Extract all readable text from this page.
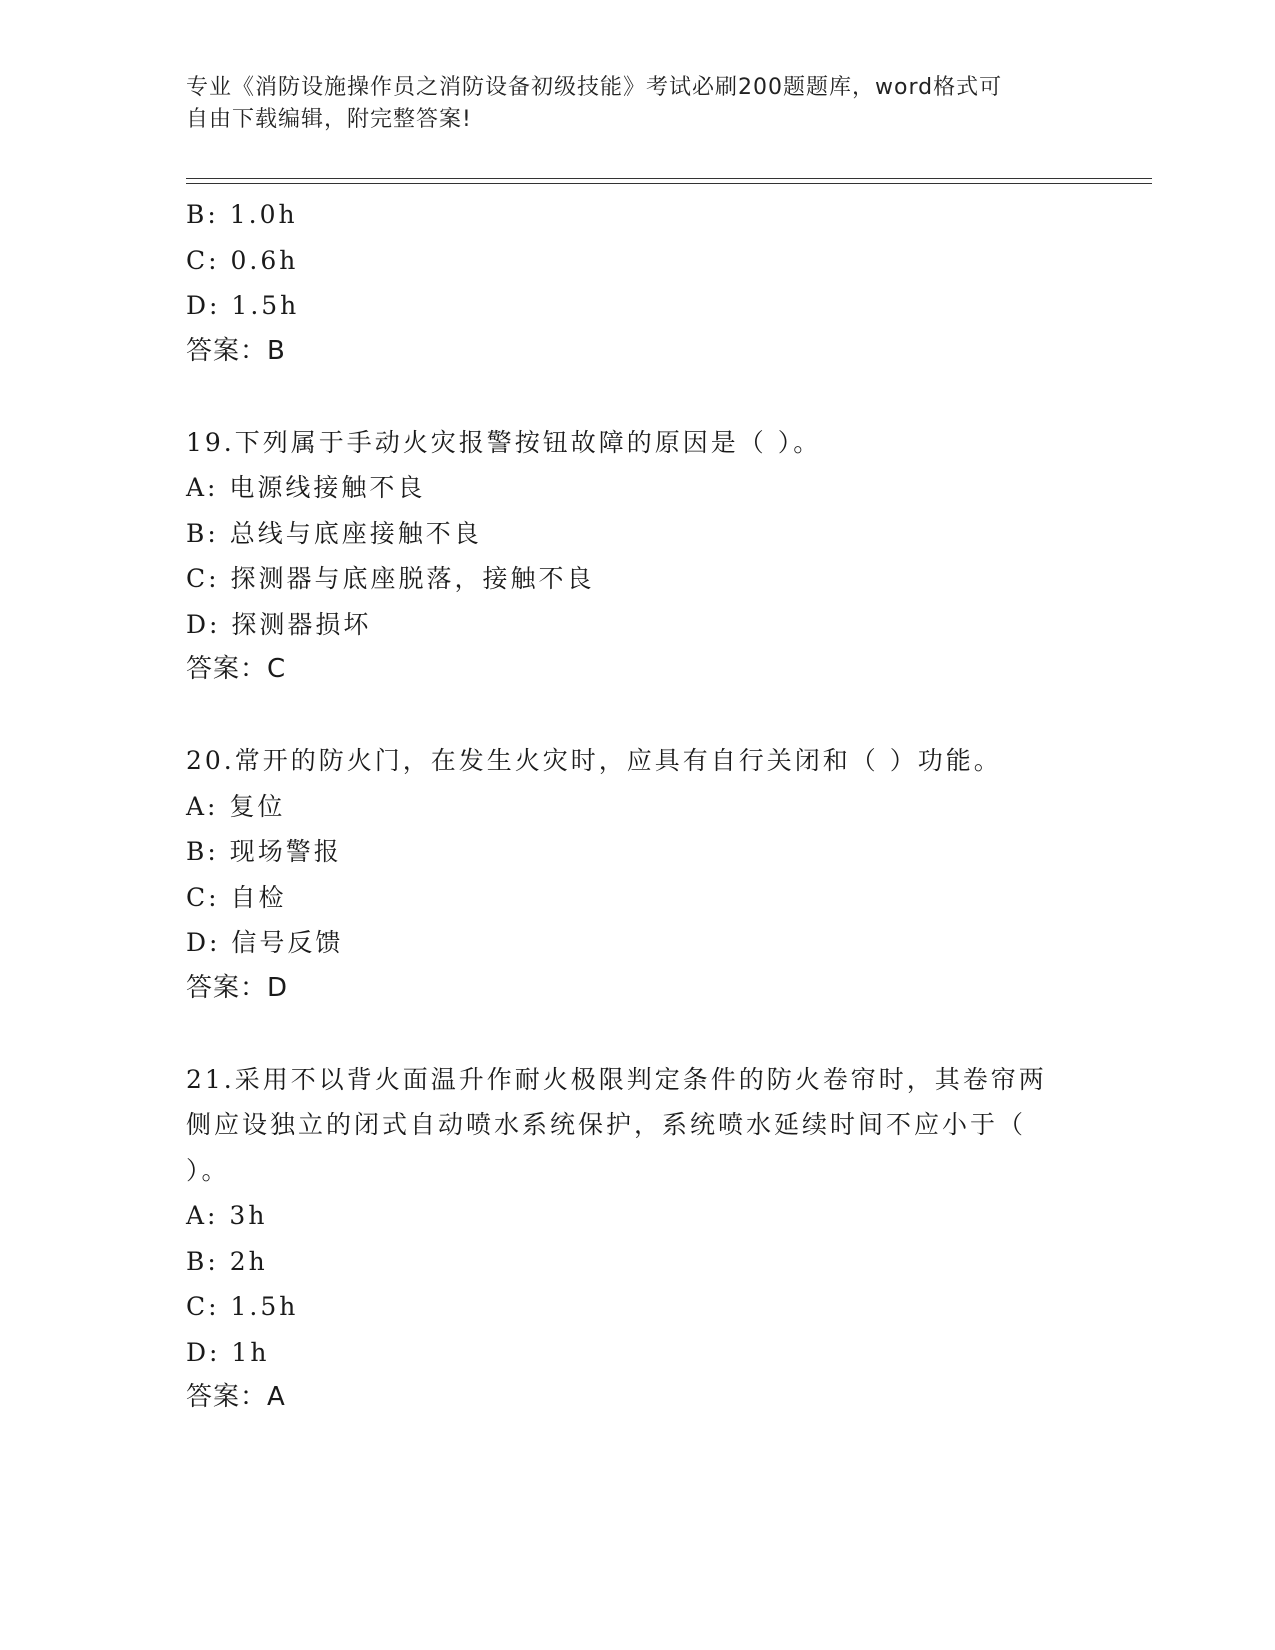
专业《消防设施操作员之消防设备初级技能》考试必刷200题题库，word格式可
自由下载编辑，附完整答案!
B: 1.0h
C: 0.6h
D: 1.5h
答案：B
19.下列属于手动火灾报警按钮故障的原因是（ ）。
A: 电源线接触不良
B: 总线与底座接触不良
C: 探测器与底座脱落，接触不良
D: 探测器损坏
答案：C
20.常开的防火门，在发生火灾时，应具有自行关闭和（ ）功能。
A: 复位
B: 现场警报
C: 自检
D: 信号反馈
答案：D
21.采用不以背火面温升作耐火极限判定条件的防火卷帘时，其卷帘两
侧应设独立的闭式自动喷水系统保护，系统喷水延续时间不应小于（
）。
A: 3h
B: 2h
C: 1.5h
D: 1h
答案：A
